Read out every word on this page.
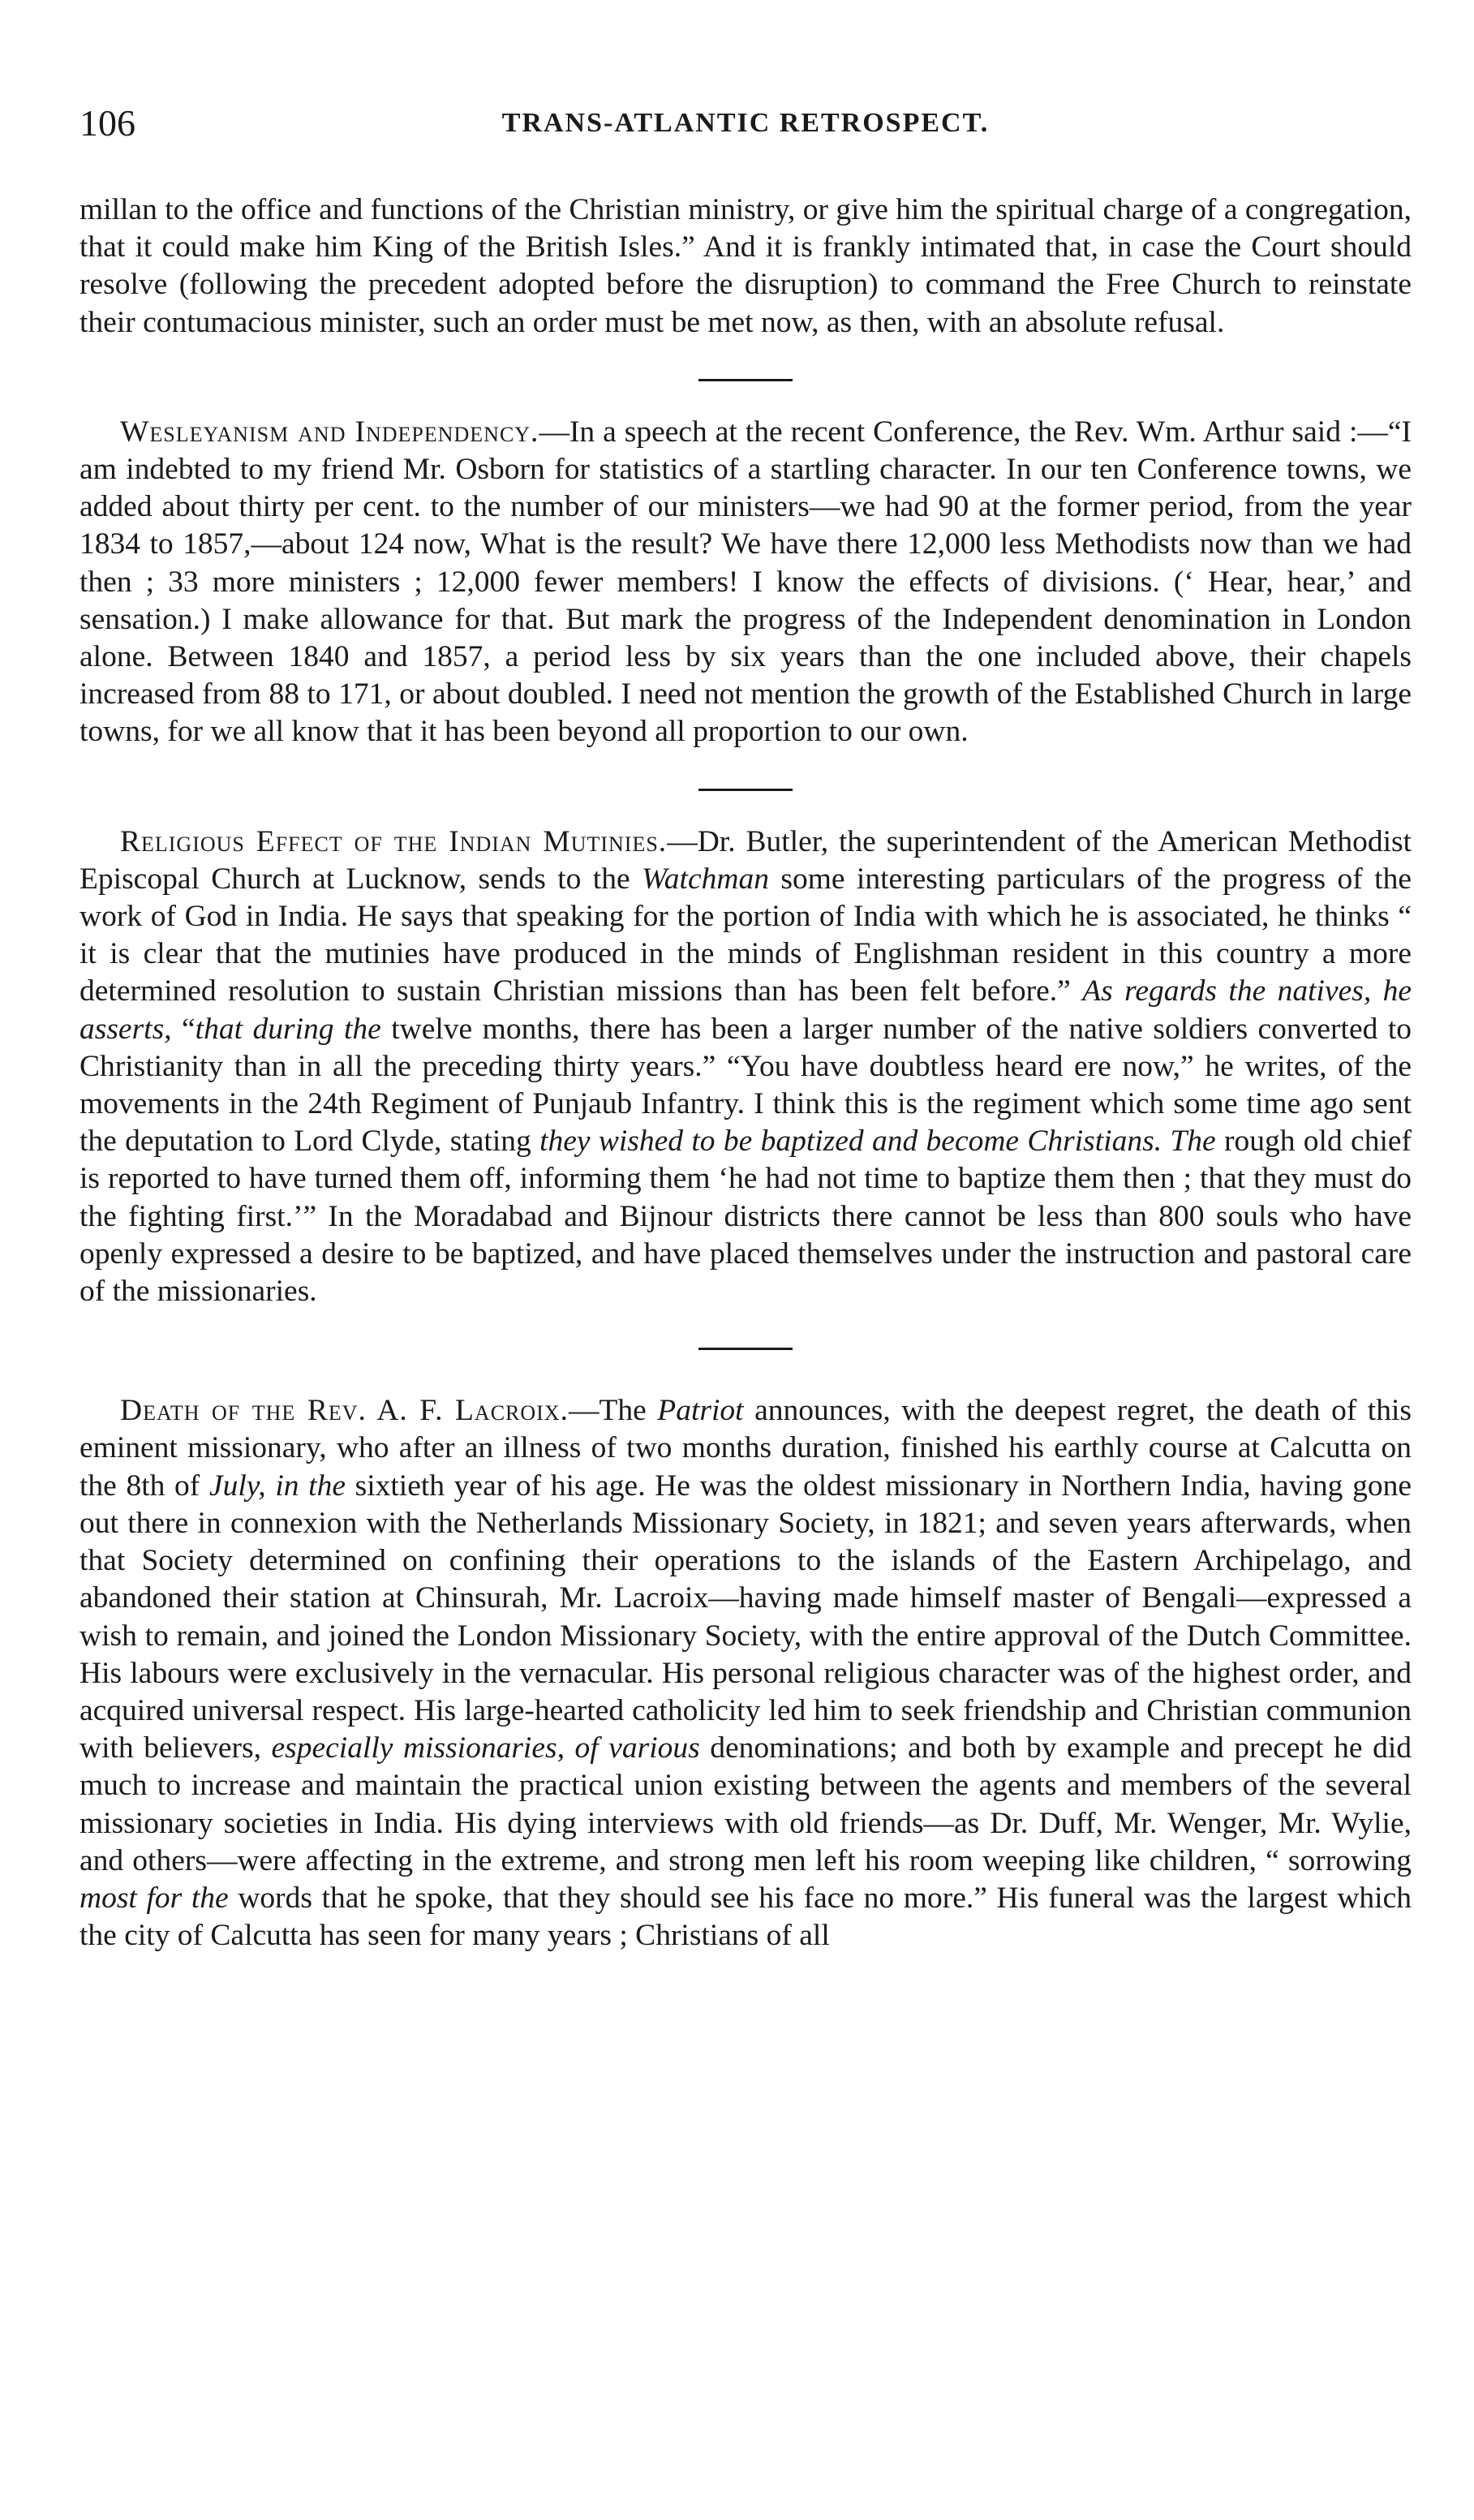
106	TRANS-ATLANTIC RETROSPECT.

millan to the office and functions of the Christian ministry, or give him the spiritual charge of a congregation, that it could make him King of the British Isles.” And it is frankly intimated that, in case the Court should resolve (following the precedent adopted before the disruption) to command the Free Church to reinstate their contumacious minister, such an order must be met now, as then, with an absolute refusal.

Wesleyanism and Independency.—In a speech at the recent Conference, the Rev. Wm. Arthur said :—“I am indebted to my friend Mr. Osborn for statistics of a startling character. In our ten Conference towns, we added about thirty per cent. to the number of our ministers—we had 90 at the former period, from the year 1834 to 1857,—about 124 now, What is the result? We have there 12,000 less Methodists now than we had then ; 33 more ministers ; 12,000 fewer members! I know the effects of divisions. (‘ Hear, hear,’ and sensation.) I make allowance for that. But mark the progress of the Independent denomination in London alone. Between 1840 and 1857, a period less by six years than the one included above, their chapels increased from 88 to 171, or about doubled. I need not mention the growth of the Established Church in large towns, for we all know that it has been beyond all proportion to our own.

Religious Effect of the Indian Mutinies.—Dr. Butler, the superintendent of the American Methodist Episcopal Church at Lucknow, sends to the Watchman some interesting particulars of the progress of the work of God in India. He says that speaking for the portion of India with which he is associated, he thinks “ it is clear that the mutinies have produced in the minds of Englishman resident in this country a more determined resolution to sustain Christian missions than has been felt before.” As regards the natives, he asserts, “that during the twelve months, there has been a larger number of the native soldiers converted to Christianity than in all the preceding thirty years.” “You have doubtless heard ere now,” he writes, of the movements in the 24th Regiment of Punjaub Infantry. I think this is the regiment which some time ago sent the deputation to Lord Clyde, stating they wished to be baptized and become Christians. The rough old chief is reported to have turned them off, informing them ‘he had not time to baptize them then ; that they must do the fighting first.’” In the Moradabad and Bijnour districts there cannot be less than 800 souls who have openly expressed a desire to be baptized, and have placed themselves under the instruction and pastoral care of the missionaries.

Death of the Rev. A. F. Lacroix.—The Patriot announces, with the deepest regret, the death of this eminent missionary, who after an illness of two months duration, finished his earthly course at Calcutta on the 8th of July, in the sixtieth year of his age. He was the oldest missionary in Northern India, having gone out there in connexion with the Netherlands Missionary Society, in 1821; and seven years afterwards, when that Society determined on confining their operations to the islands of the Eastern Archipelago, and abandoned their station at Chinsurah, Mr. Lacroix—having made himself master of Bengali—expressed a wish to remain, and joined the London Missionary Society, with the entire approval of the Dutch Committee. His labours were exclusively in the vernacular. His personal religious character was of the highest order, and acquired universal respect. His large-hearted catholicity led him to seek friendship and Christian communion with believers, especially missionaries, of various denominations; and both by example and precept he did much to increase and maintain the practical union existing between the agents and members of the several missionary societies in India. His dying interviews with old friends—as Dr. Duff, Mr. Wenger, Mr. Wylie, and others—were affecting in the extreme, and strong men left his room weeping like children, “ sorrowing most for the words that he spoke, that they should see his face no more.” His funeral was the largest which the city of Calcutta has seen for many years ; Christians of all
